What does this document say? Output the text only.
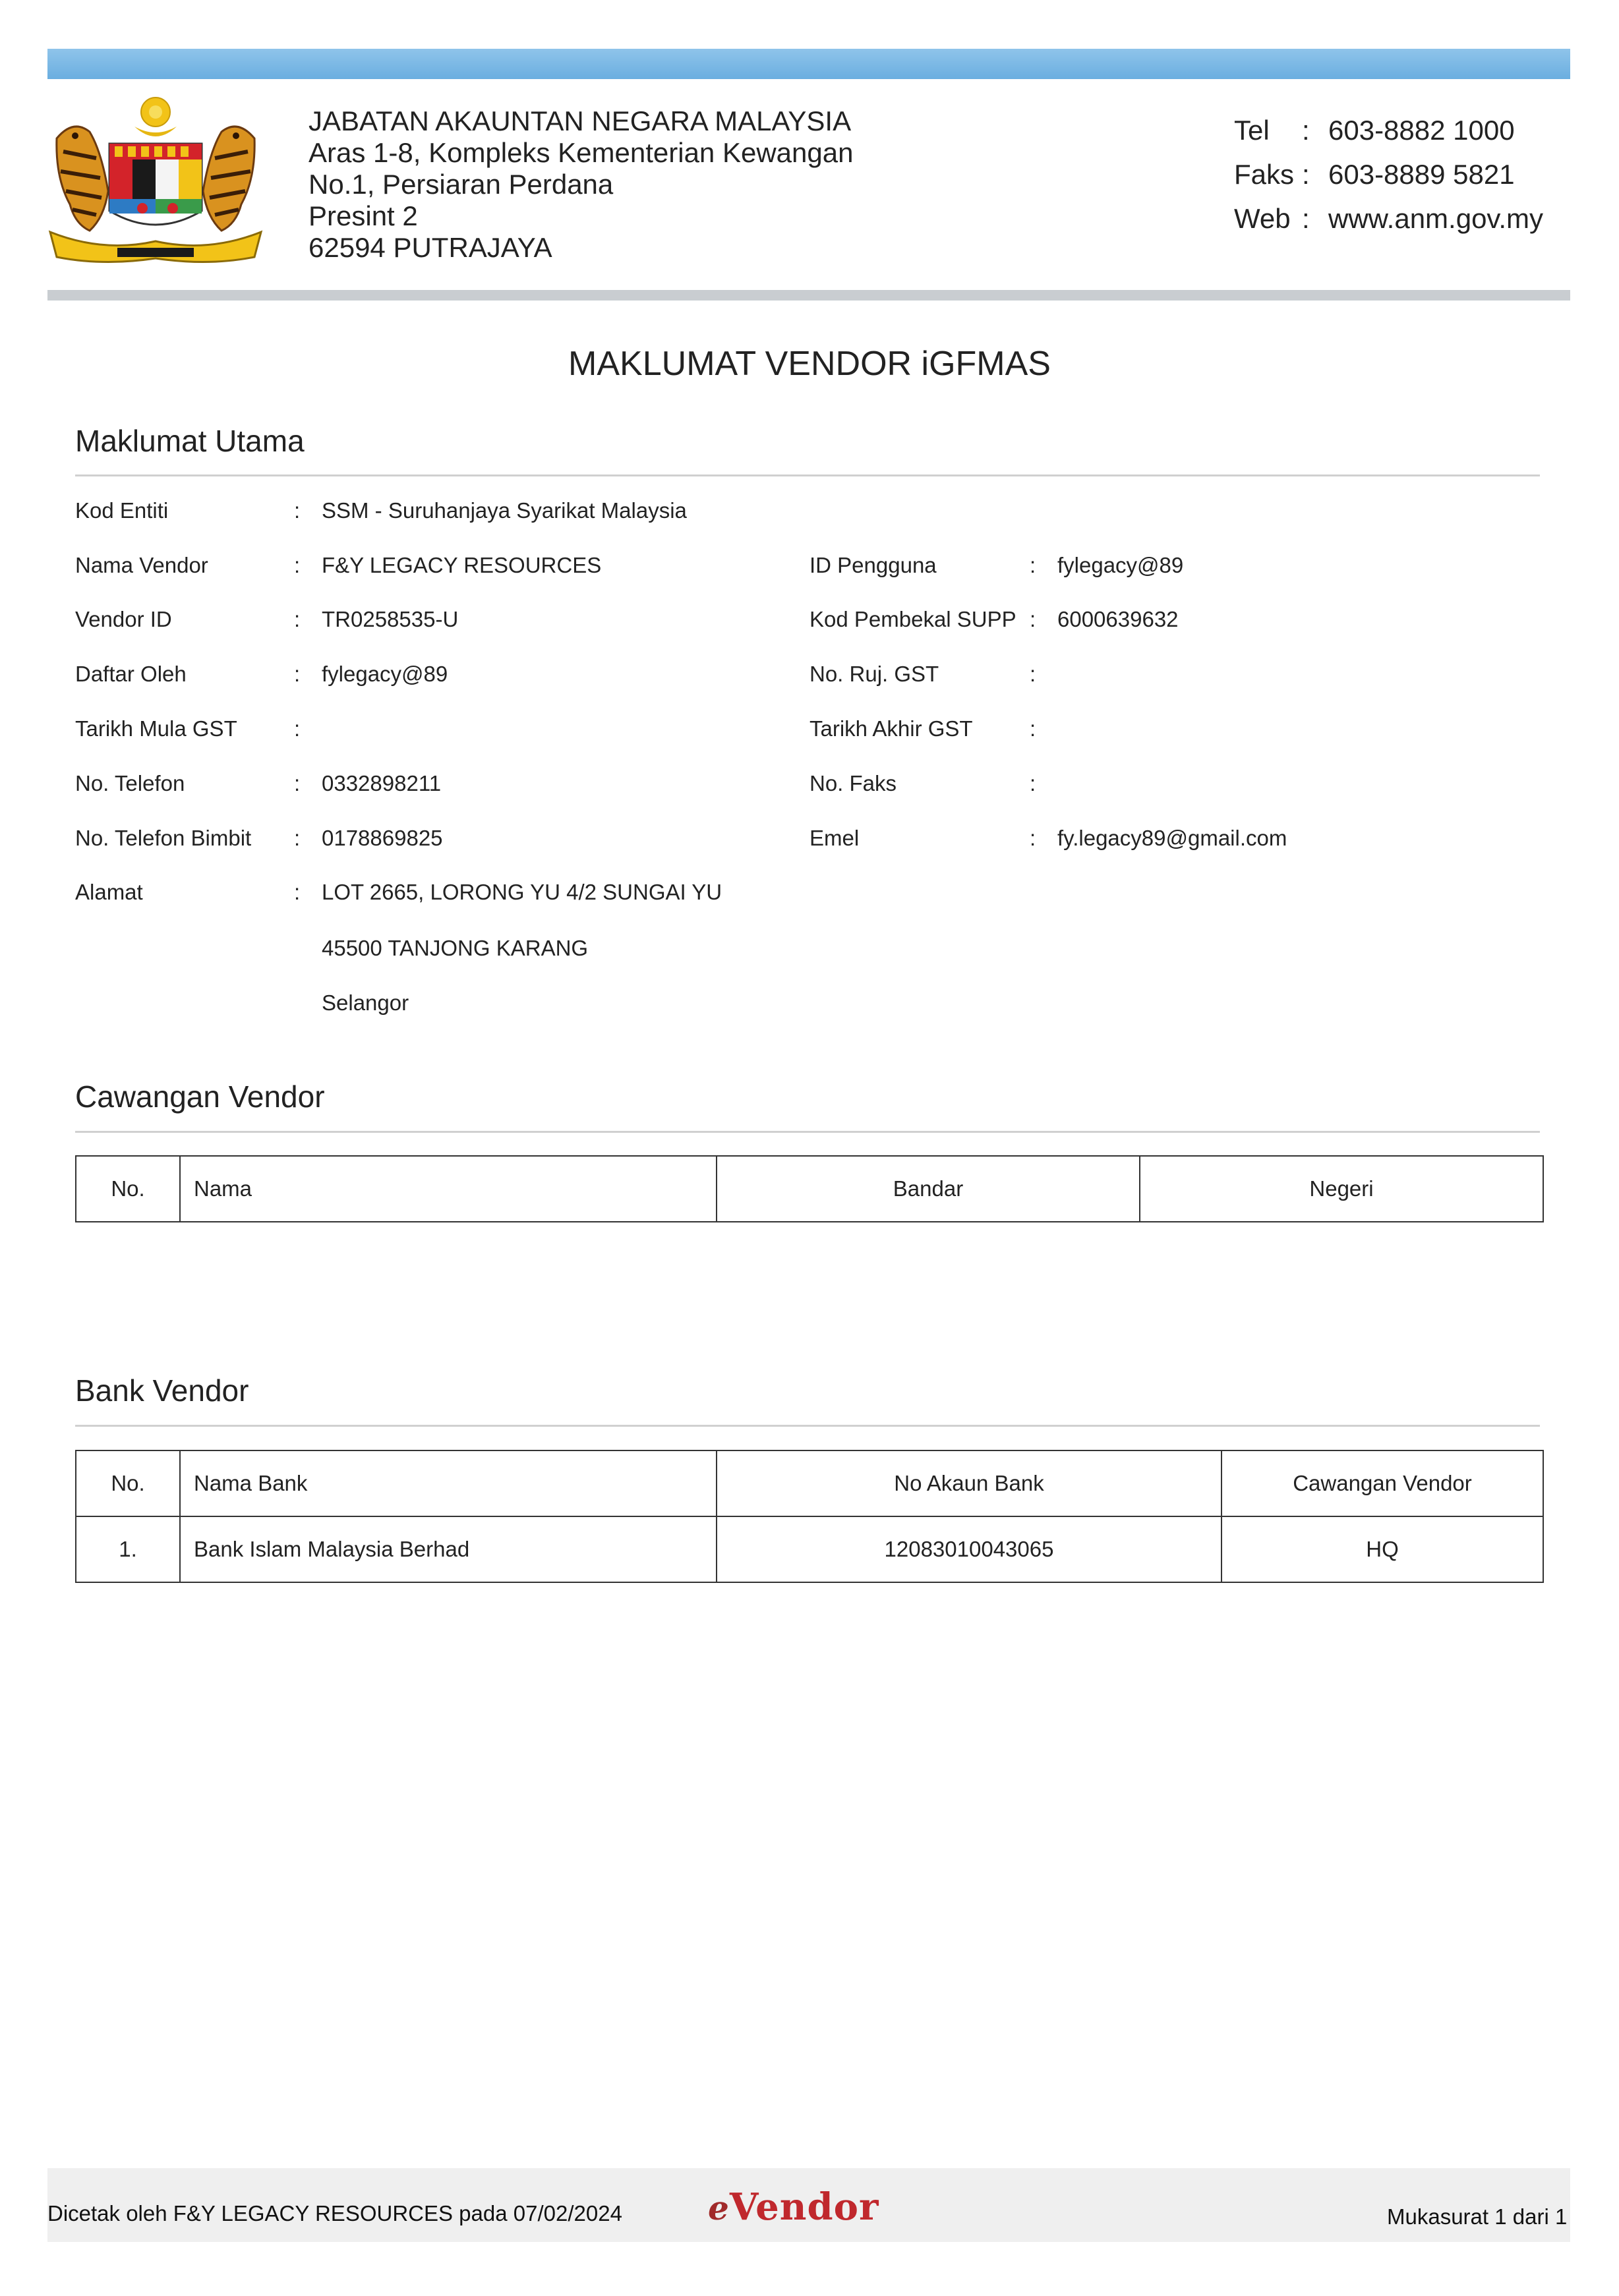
JABATAN AKAUNTAN NEGARA MALAYSIA
Aras 1-8, Kompleks Kementerian Kewangan
No.1, Persiaran Perdana
Presint 2
62594 PUTRAJAYA
Tel : 603-8882 1000
Faks : 603-8889 5821
Web : www.anm.gov.my
MAKLUMAT VENDOR iGFMAS
Maklumat Utama
Kod Entiti	: SSM - Suruhanjaya Syarikat Malaysia
Nama Vendor	: F&Y LEGACY RESOURCES	ID Pengguna	: fylegacy@89
Vendor ID	: TR0258535-U	Kod Pembekal SUPP : 6000639632
Daftar Oleh	: fylegacy@89	No. Ruj. GST	:
Tarikh Mula GST	:	Tarikh Akhir GST	:
No. Telefon	: 0332898211	No. Faks	:
No. Telefon Bimbit : 0178869825	Emel	: fy.legacy89@gmail.com
Alamat	: LOT 2665, LORONG YU 4/2 SUNGAI YU
45500 TANJONG KARANG
Selangor
Cawangan Vendor
No.	Nama	Bandar	Negeri
Bank Vendor
No.	Nama Bank	No Akaun Bank	Cawangan Vendor
1.	Bank Islam Malaysia Berhad	12083010043065	HQ
Dicetak oleh F&Y LEGACY RESOURCES pada 07/02/2024	eVendor	Mukasurat 1 dari 1
